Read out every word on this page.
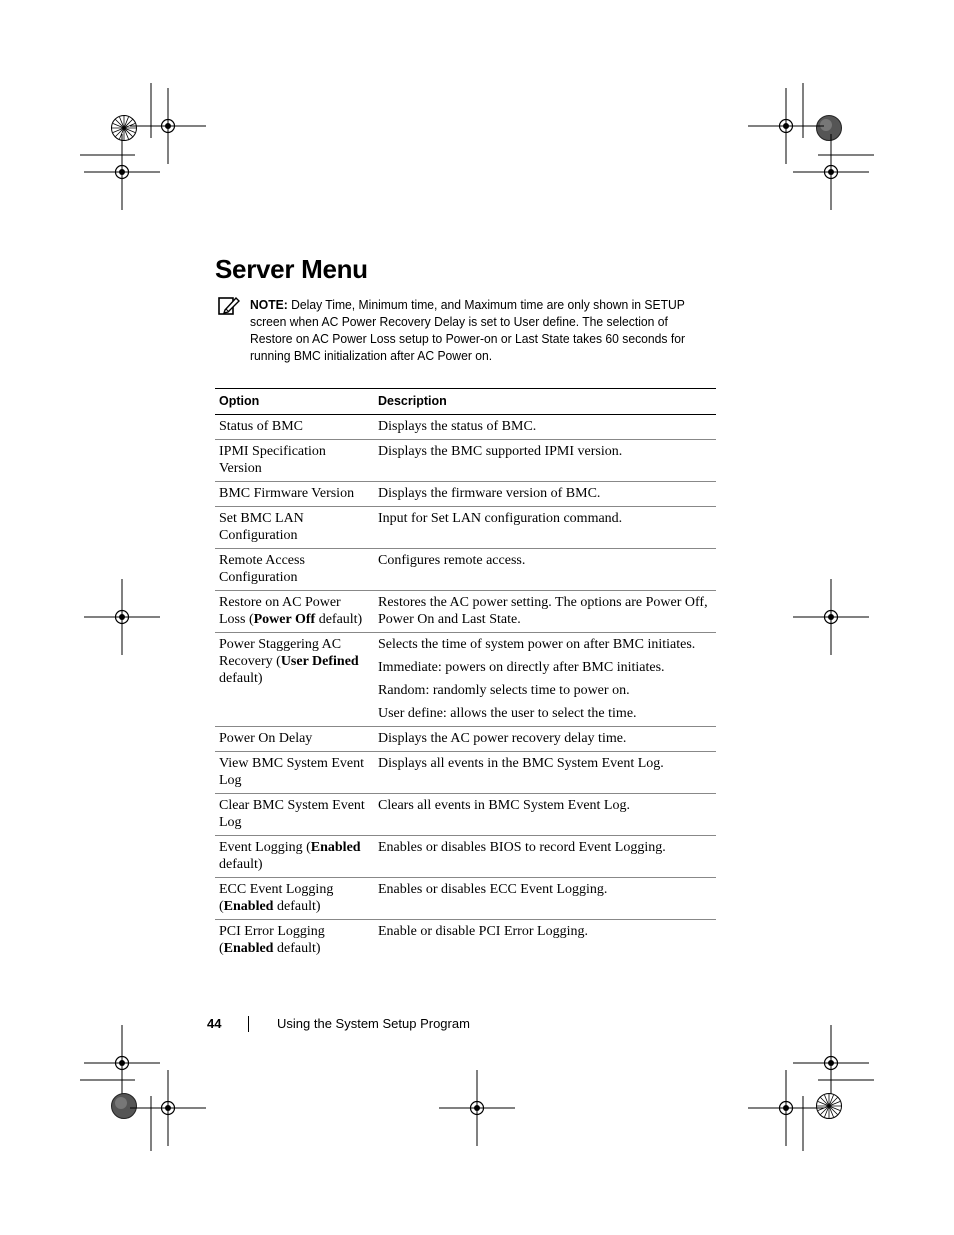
Server Menu
NOTE: Delay Time, Minimum time, and Maximum time are only shown in SETUP screen when AC Power Recovery Delay is set to User define. The selection of Restore on AC Power Loss setup to Power-on or Last State takes 60 seconds for running BMC initialization after AC Power on.
Option	Description
Status of BMC	Displays the status of BMC.

IPMI Specification Version	Displays the BMC supported IPMI version.

BMC Firmware Version	Displays the firmware version of BMC.

Set BMC LAN Configuration	Input for Set LAN configuration command.

Remote Access Configuration	Configures remote access.

Restore on AC Power Loss (Power Off default)	Restores the AC power setting. The options are Power Off, Power On and Last State.

Power Staggering AC Recovery (User Defined default)	Selects the time of system power on after BMC initiates.
Immediate: powers on directly after BMC initiates.
Random: randomly selects time to power on.
User define: allows the user to select the time.

Power On Delay	Displays the AC power recovery delay time.

View BMC System Event Log	Displays all events in the BMC System Event Log.

Clear BMC System Event Log	Clears all events in BMC System Event Log.

Event Logging (Enabled default)	Enables or disables BIOS to record Event Logging.

ECC Event Logging (Enabled default)	Enables or disables ECC Event Logging.

PCI Error Logging (Enabled default)	Enable or disable PCI Error Logging.
44	Using the System Setup Program
